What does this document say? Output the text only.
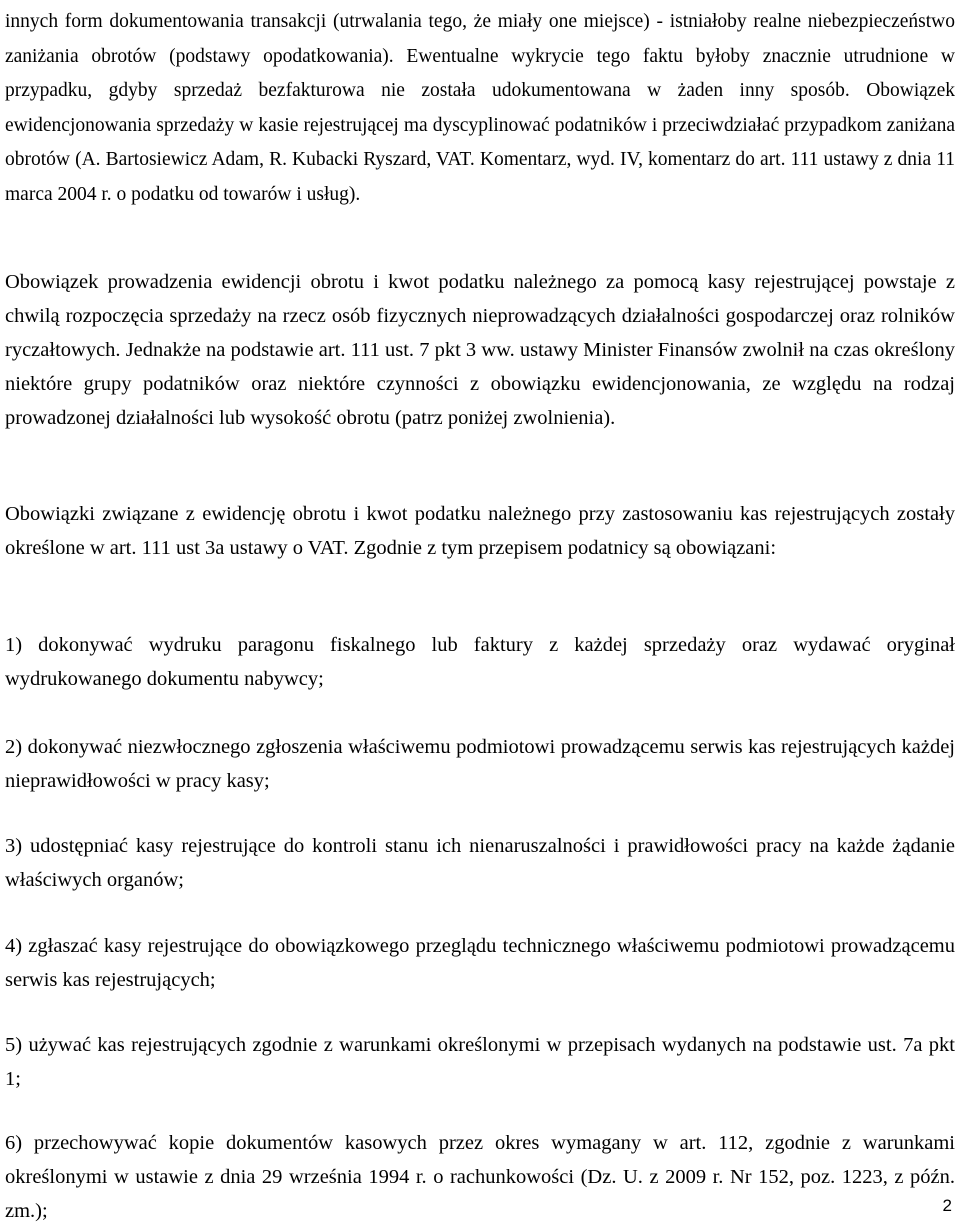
innych form dokumentowania transakcji (utrwalania tego, że miały one miejsce) - istniałoby realne niebezpieczeństwo zaniżania obrotów (podstawy opodatkowania). Ewentualne wykrycie tego faktu byłoby znacznie utrudnione w przypadku, gdyby sprzedaż bezfakturowa nie została udokumentowana w żaden inny sposób. Obowiązek ewidencjonowania sprzedaży w kasie rejestrującej ma dyscyplinować podatników i przeciwdziałać przypadkom zaniżana obrotów (A. Bartosiewicz Adam, R. Kubacki Ryszard, VAT. Komentarz, wyd. IV, komentarz do art. 111 ustawy z dnia 11 marca 2004 r. o podatku od towarów i usług).

Obowiązek prowadzenia ewidencji obrotu i kwot podatku należnego za pomocą kasy rejestrującej powstaje z chwilą rozpoczęcia sprzedaży na rzecz osób fizycznych nieprowadzących działalności gospodarczej oraz rolników ryczałtowych. Jednakże na podstawie art. 111 ust. 7 pkt 3 ww. ustawy Minister Finansów zwolnił na czas określony niektóre grupy podatników oraz niektóre czynności z obowiązku ewidencjonowania, ze względu na rodzaj prowadzonej działalności lub wysokość obrotu (patrz poniżej zwolnienia).

Obowiązki związane z ewidencję obrotu i kwot podatku należnego przy zastosowaniu kas rejestrujących zostały określone w art. 111 ust 3a ustawy o VAT. Zgodnie z tym przepisem podatnicy są obowiązani:

1) dokonywać wydruku paragonu fiskalnego lub faktury z każdej sprzedaży oraz wydawać oryginał wydrukowanego dokumentu nabywcy;

2) dokonywać niezwłocznego zgłoszenia właściwemu podmiotowi prowadzącemu serwis kas rejestrujących każdej nieprawidłowości w pracy kasy;

3) udostępniać kasy rejestrujące do kontroli stanu ich nienaruszalności i prawidłowości pracy na każde żądanie właściwych organów;

4) zgłaszać kasy rejestrujące do obowiązkowego przeglądu technicznego właściwemu podmiotowi prowadzącemu serwis kas rejestrujących;

5) używać kas rejestrujących zgodnie z warunkami określonymi w przepisach wydanych na podstawie ust. 7a pkt 1;

6) przechowywać kopie dokumentów kasowych przez okres wymagany w art. 112, zgodnie z warunkami określonymi w ustawie z dnia 29 września 1994 r. o rachunkowości (Dz. U. z 2009 r. Nr 152, poz. 1223, z późn. zm.);	2
